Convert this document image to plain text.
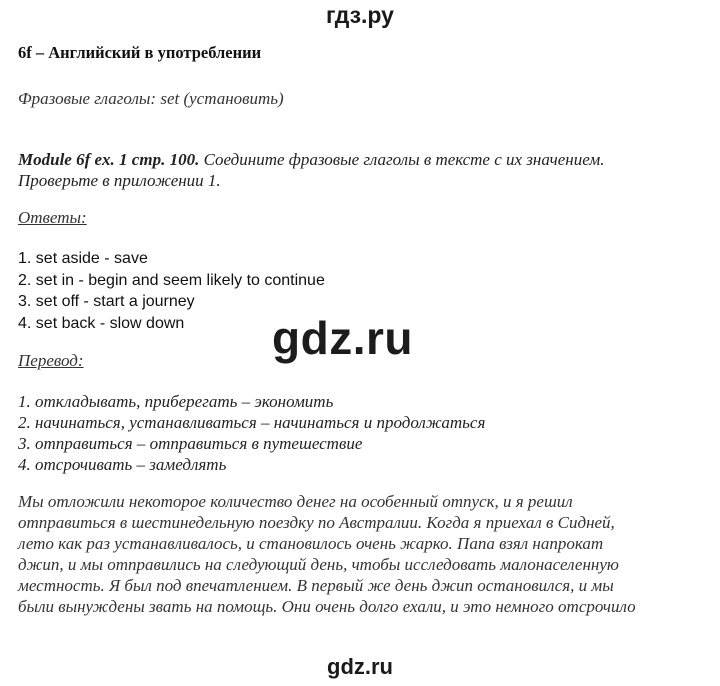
гдз.ру
6f – Английский в употреблении
Фразовые глаголы: set (установить)
Module 6f ex. 1 стр. 100. Соедините фразовые глаголы в тексте с их значением.
Проверьте в приложении 1.
Ответы:
1. set aside - save
2. set in - begin and seem likely to continue
3. set off - start a journey
4. set back - slow down
Перевод:
1. откладывать, приберегать – экономить
2. начинаться, устанавливаться – начинаться и продолжаться
3. отправиться – отправиться в путешествие
4. отсрочивать – замедлять
Мы отложили некоторое количество денег на особенный отпуск, и я решил
отправиться в шестинедельную поездку по Австралии. Когда я приехал в Сидней,
лето как раз устанавливалось, и становилось очень жарко. Папа взял напрокат
джип, и мы отправились на следующий день, чтобы исследовать малонаселенную
местность. Я был под впечатлением. В первый же день джип остановился, и мы
были вынуждены звать на помощь. Они очень долго ехали, и это немного отсрочило
gdz.ru
gdz.ru
